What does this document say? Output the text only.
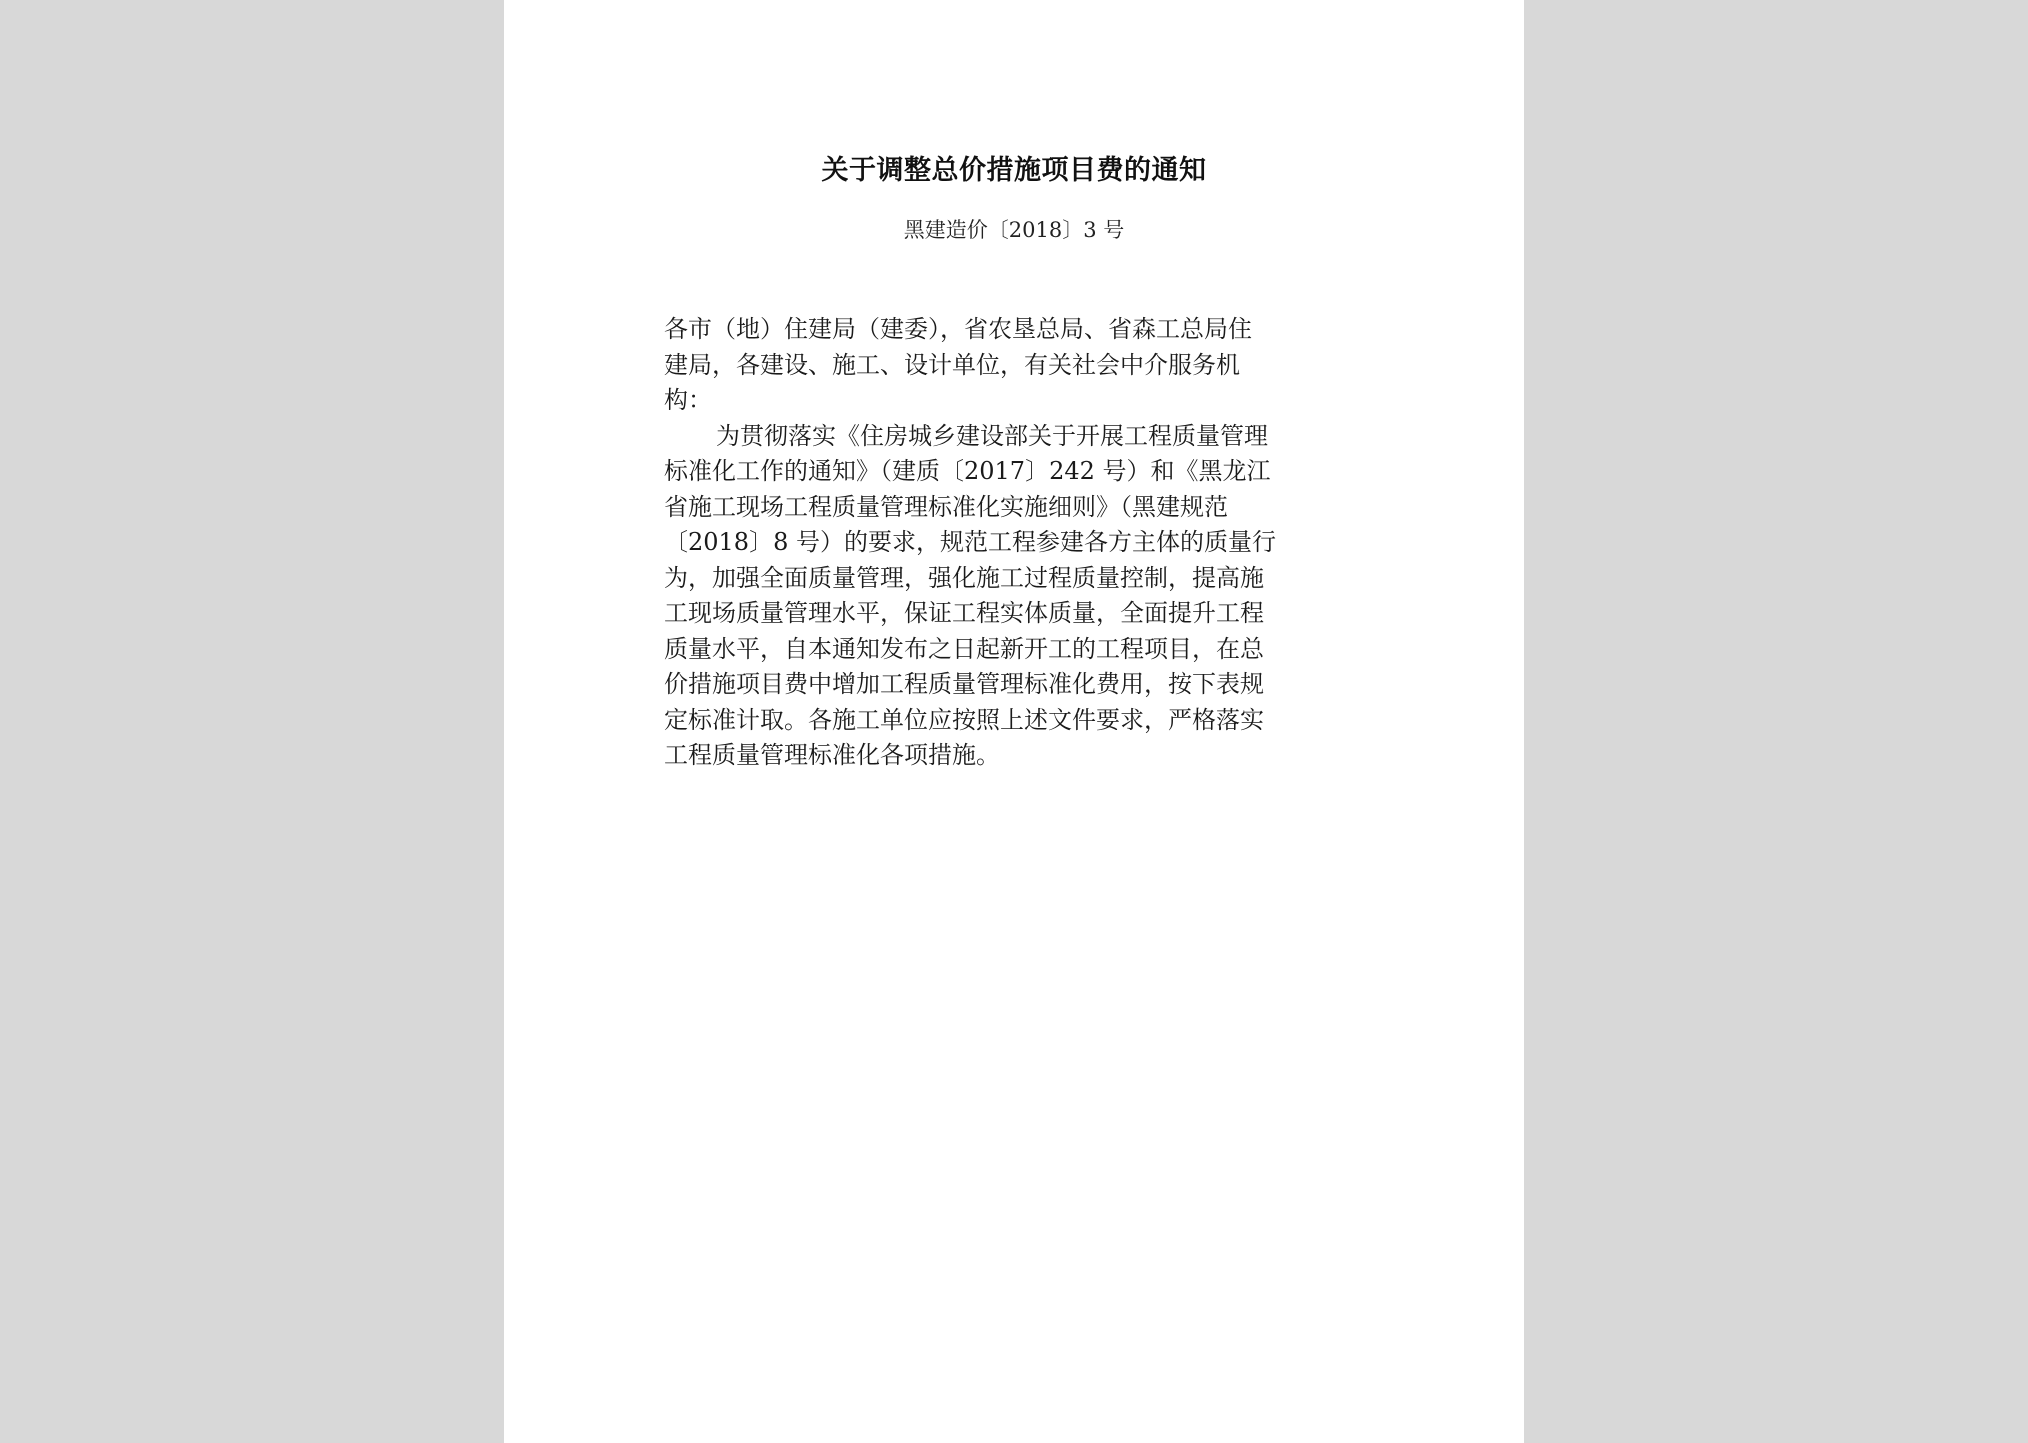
关于调整总价措施项目费的通知
黑建造价〔2018〕3 号
各市（地）住建局（建委），省农垦总局、省森工总局住
建局，各建设、施工、设计单位，有关社会中介服务机
构：
为贯彻落实《住房城乡建设部关于开展工程质量管理
标准化工作的通知》（建质〔2017〕242 号）和《黑龙江
省施工现场工程质量管理标准化实施细则》（黑建规范
〔2018〕8 号）的要求，规范工程参建各方主体的质量行
为，加强全面质量管理，强化施工过程质量控制，提高施
工现场质量管理水平，保证工程实体质量，全面提升工程
质量水平，自本通知发布之日起新开工的工程项目，在总
价措施项目费中增加工程质量管理标准化费用，按下表规
定标准计取。各施工单位应按照上述文件要求，严格落实
工程质量管理标准化各项措施。
